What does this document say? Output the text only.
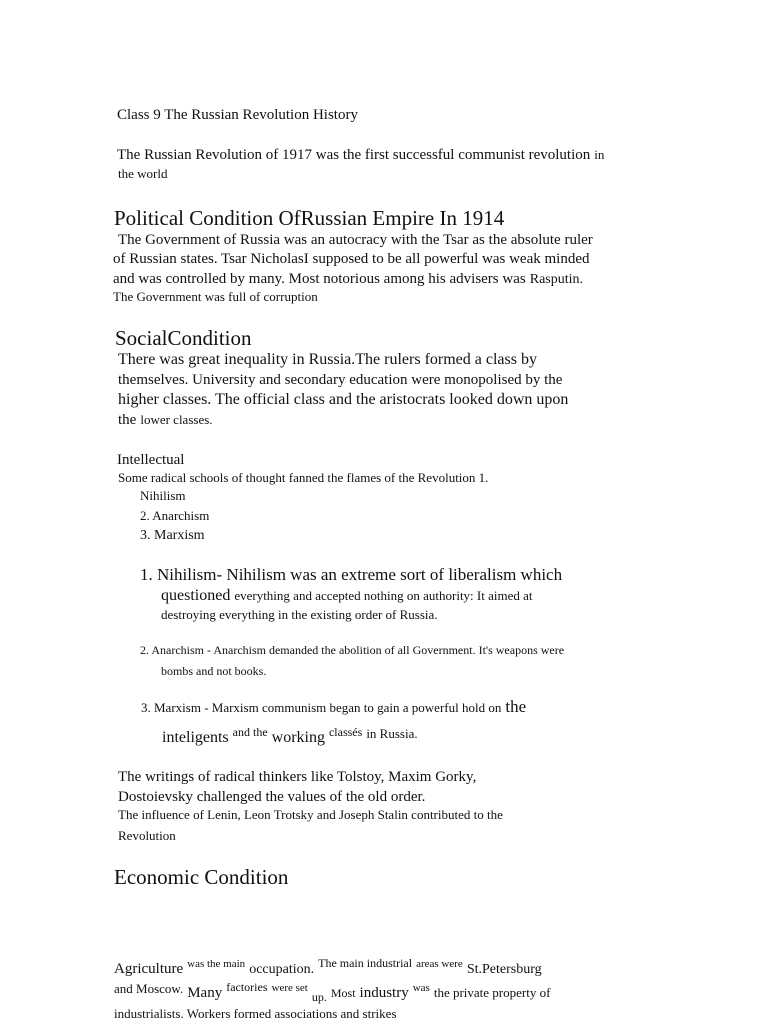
Class 9 The Russian Revolution History
The Russian Revolution of 1917 was the first successful communist revolution in
the world
Political Condition OfRussian Empire In 1914
The Government of Russia was an autocracy with the Tsar as the absolute ruler
of Russian states. Tsar NicholasI supposed to be all powerful was weak minded
and was controlled by many. Most notorious among his advisers was Rasputin.
The Government was full of corruption
SocialCondition
There was great inequality in Russia.The rulers formed a class by
themselves. University and secondary education were monopolised by the
higher classes. The official class and the aristocrats looked down upon
the lower classes.
Intellectual
Some radical schools of thought fanned the flames of the Revolution 1.
Nihilism
2. Anarchism
3. Marxism
1. Nihilism- Nihilism was an extreme sort of liberalism which
questioned everything and accepted nothing on authority: It aimed at
destroying everything in the existing order of Russia.
2. Anarchism - Anarchism demanded the abolition of all Government. It's weapons were
bombs and not books.
3. Marxism - Marxism communism began to gain a powerful hold on the
inteligents $^{and the}$ working $^{classés}$ $^{in Russia.}$
The writings of radical thinkers like Tolstoy, Maxim Gorky,
Dostoievsky challenged the values of the old order.
The influence of Lenin, Leon Trotsky and Joseph Stalin contributed to the
Revolution
Economic Condition
Agriculture $^{was the main}$ occupation. $^{The main industrial}$ $^{areas were}$ St.Petersburg
$^{and Moscow.}$ Many $^{factories}$ $^{were set}$ $_{up.}$ Most industry $^{was}$ the private property of
industrialists. Workers formed associations and strikes
